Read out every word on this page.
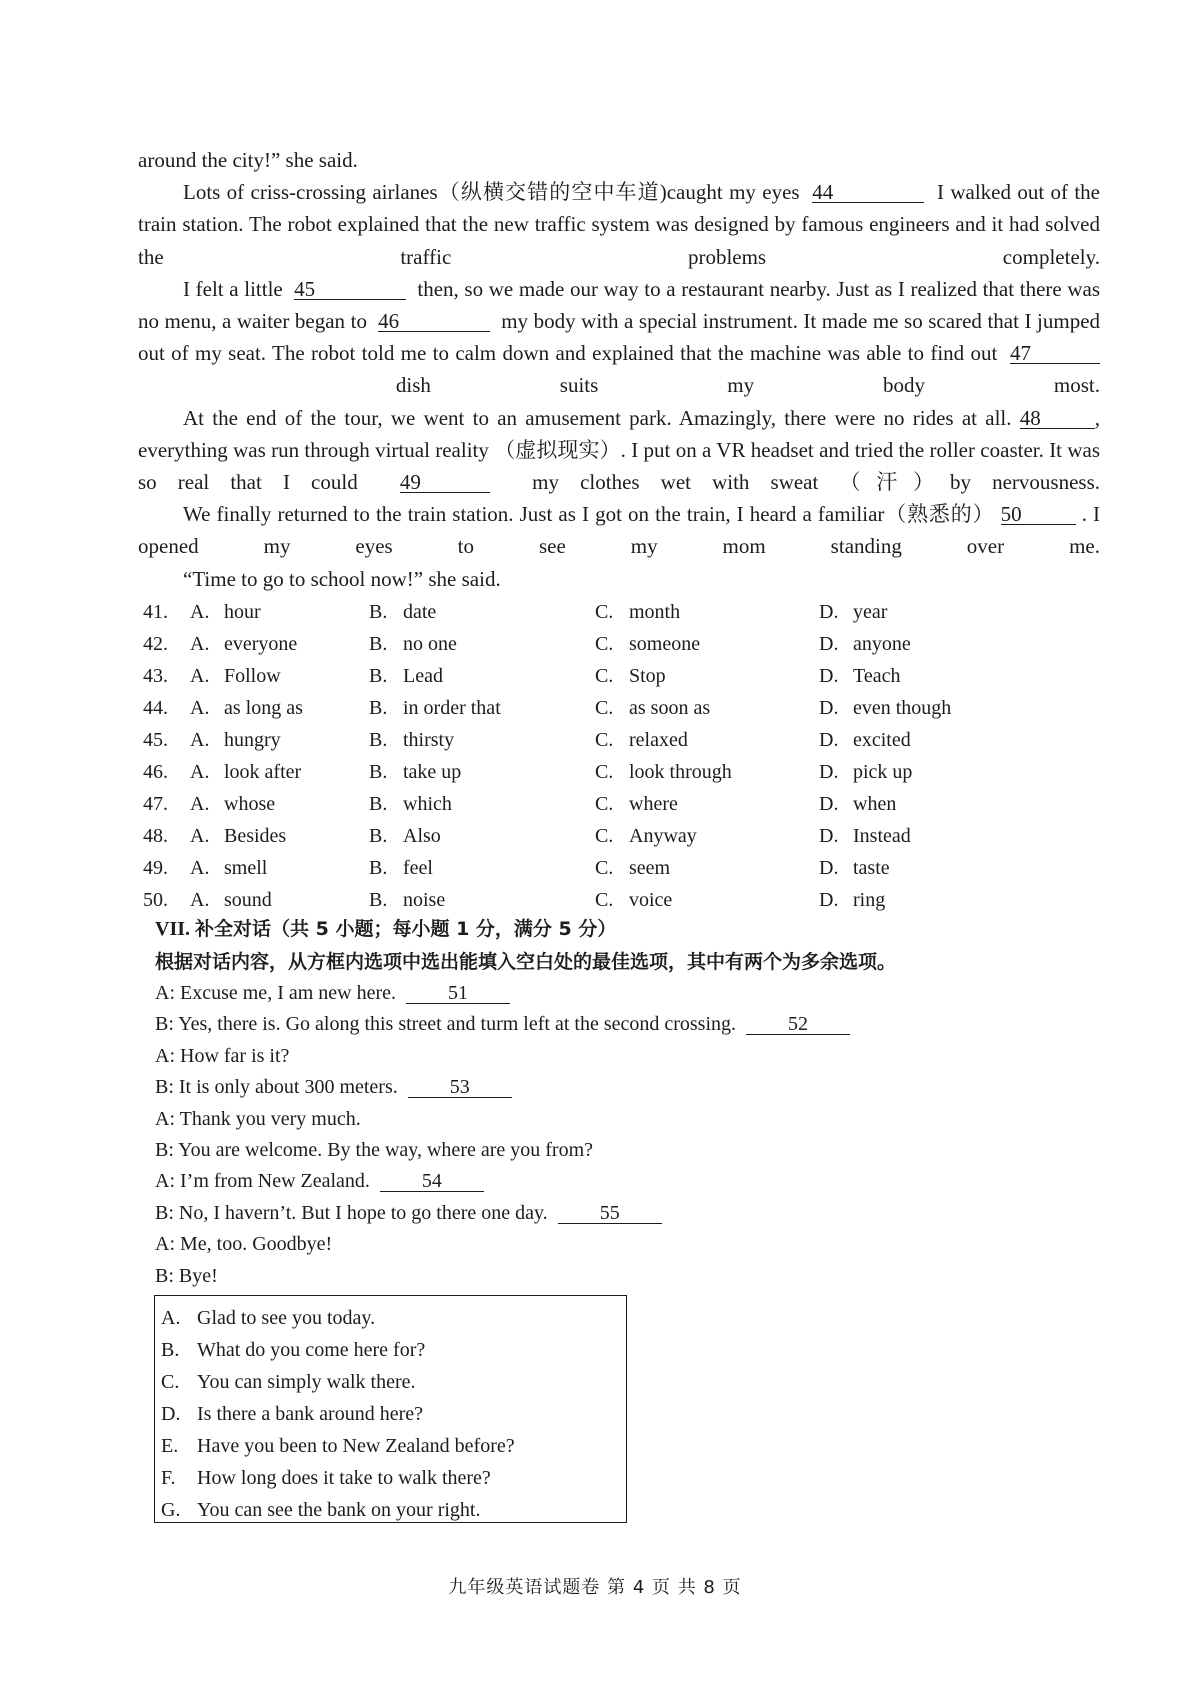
around the city!” she said.

Lots of criss-crossing airlanes（纵横交错的空中车道)caught my eyes 44	I walked out of the train station. The robot explained that the new traffic system was designed by famous engineers and it had solved the traffic problems completely.

I felt a little 45	then, so we made our way to a restaurant nearby. Just as I realized that there was no menu, a waiter began to 46	my body with a special instrument. It made me so scared that I jumped out of my seat. The robot told me to calm down and explained that the machine was able to find out 47  dish suits my body most.

At the end of the tour, we went to an amusement park. Amazingly, there were no rides at all. 48	, everything was run through virtual reality （虚拟现实）. I put on a VR headset and tried the roller coaster. It was so real that I could 49	my clothes wet with sweat （汗）by nervousness.

We finally returned to the train station. Just as I got on the train, I heard a familiar（熟悉的） 50	. I opened my eyes to see my mom standing over me.

“Time to go to school now!” she said.

41. A. hour	B. date	C. month	D. year
42. A. everyone	B. no one	C. someone	D. anyone
43. A. Follow	B. Lead	C. Stop	D. Teach
44. A. as long as	B. in order that	C. as soon as	D. even though
45. A. hungry	B. thirsty	C. relaxed	D. excited
46. A. look after	B. take up	C. look through	D. pick up
47. A. whose	B. which	C. where	D. when
48. A. Besides	B. Also	C. Anyway	D. Instead
49. A. smell	B. feel	C. seem	D. taste
50. A. sound	B. noise	C. voice	D. ring
VII. 补全对话（共 5 小题；每小题 1 分，满分 5 分）
根据对话内容，从方框内选项中选出能填入空白处的最佳选项，其中有两个为多余选项。
A: Excuse me, I am new here.	51
B: Yes, there is. Go along this street and turm left at the second crossing.	52
A: How far is it?
B: It is only about 300 meters.	53
A: Thank you very much.
B: You are welcome. By the way, where are you from?
A: I’m from New Zealand.	54
B: No, I havern’t. But I hope to go there one day.	55
A: Me, too. Goodbye!
B: Bye!
A. Glad to see you today.
B. What do you come here for?
C. You can simply walk there.
D. Is there a bank around here?
E. Have you been to New Zealand before?
F. How long does it take to walk there?
G. You can see the bank on your right.
九年级英语试题卷 第 4 页 共 8 页
